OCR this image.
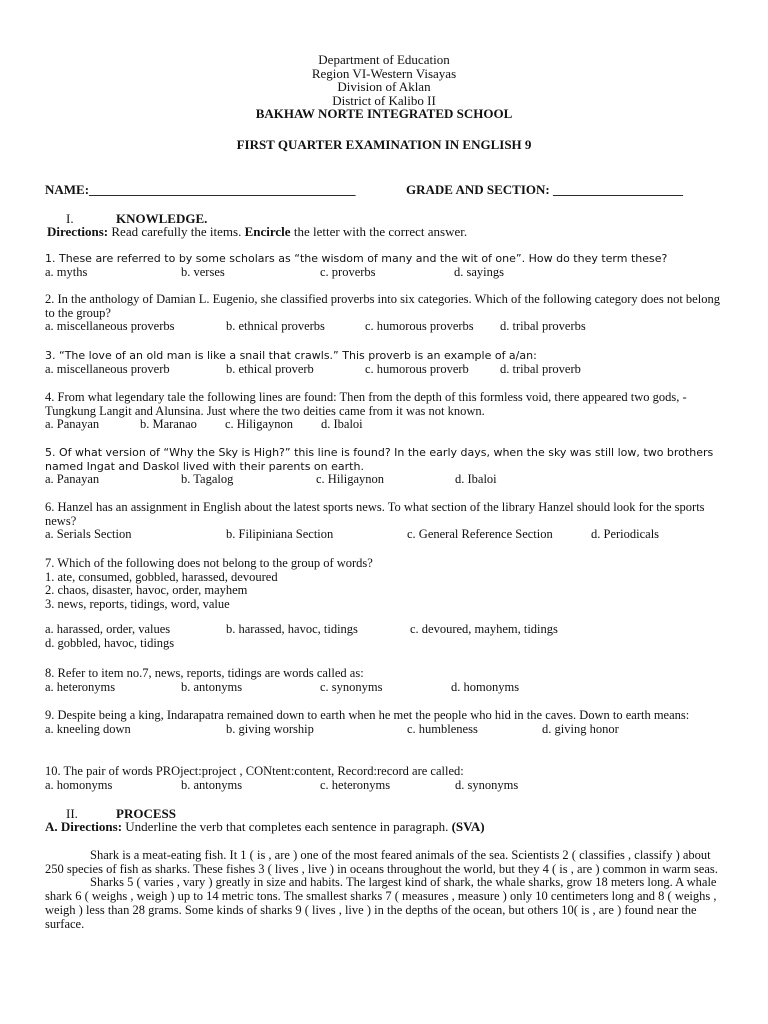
Department of Education
Region VI-Western Visayas
Division of Aklan
District of Kalibo II
BAKHAW NORTE INTEGRATED SCHOOL
FIRST QUARTER EXAMINATION IN ENGLISH 9
NAME:_________________________________________	GRADE AND SECTION: ____________________
I.	KNOWLEDGE.
Directions: Read carefully the items. Encircle the letter with the correct answer.
1. These are referred to by some scholars as “the wisdom of many and the wit of one”. How do they term these?
a. myths	b. verses	c. proverbs	d. sayings
2. In the anthology of Damian L. Eugenio, she classified proverbs into six categories. Which of the following category does not belong to the group?
a. miscellaneous proverbs	b. ethnical proverbs	c. humorous proverbs d. tribal proverbs
3. “The love of an old man is like a snail that crawls.” This proverb is an example of a/an:
a. miscellaneous proverb	b. ethical proverb	c. humorous proverb d. tribal proverb
4. From what legendary tale the following lines are found: Then from the depth of this formless void, there appeared two gods, - Tungkung Langit and Alunsina. Just where the two deities came from it was not known.
a. Panayan	b. Maranao c. Hiligaynon d. Ibaloi
5. Of what version of “Why the Sky is High?” this line is found? In the early days, when the sky was still low, two brothers named Ingat and Daskol lived with their parents on earth.
a. Panayan	b. Tagalog	c. Hiligaynon	d. Ibaloi
6. Hanzel has an assignment in English about the latest sports news. To what section of the library Hanzel should look for the sports news?
a. Serials Section	b. Filipiniana Section	c. General Reference Section	d. Periodicals
7. Which of the following does not belong to the group of words?
1. ate, consumed, gobbled, harassed, devoured
2. chaos, disaster, havoc, order, mayhem
3. news, reports, tidings, word, value
a. harassed, order, values	b. harassed, havoc, tidings	c. devoured, mayhem, tidings
d. gobbled, havoc, tidings
8. Refer to item no.7, news, reports, tidings are words called as:
a. heteronyms	b. antonyms	c. synonyms	d. homonyms
9. Despite being a king, Indarapatra remained down to earth when he met the people who hid in the caves. Down to earth means:
a. kneeling down	b. giving worship	c. humbleness	d. giving honor
10. The pair of words PROject:project , CONtent:content, Record:record are called:
a. homonyms	b. antonyms	c. heteronyms	d. synonyms
II.	PROCESS
A. Directions: Underline the verb that completes each sentence in paragraph. (SVA)

Shark is a meat-eating fish. It 1 ( is , are ) one of the most feared animals of the sea. Scientists 2 ( classifies , classify ) about 250 species of fish as sharks. These fishes 3 ( lives , live ) in oceans throughout the world, but they 4 ( is , are ) common in warm seas.

Sharks 5 ( varies , vary ) greatly in size and habits. The largest kind of shark, the whale sharks, grow 18 meters long. A whale shark 6 ( weighs , weigh ) up to 14 metric tons. The smallest sharks 7 ( measures , measure ) only 10 centimeters long and 8 ( weighs , weigh ) less than 28 grams. Some kinds of sharks 9 ( lives , live ) in the depths of the ocean, but others 10( is , are ) found near the surface.
